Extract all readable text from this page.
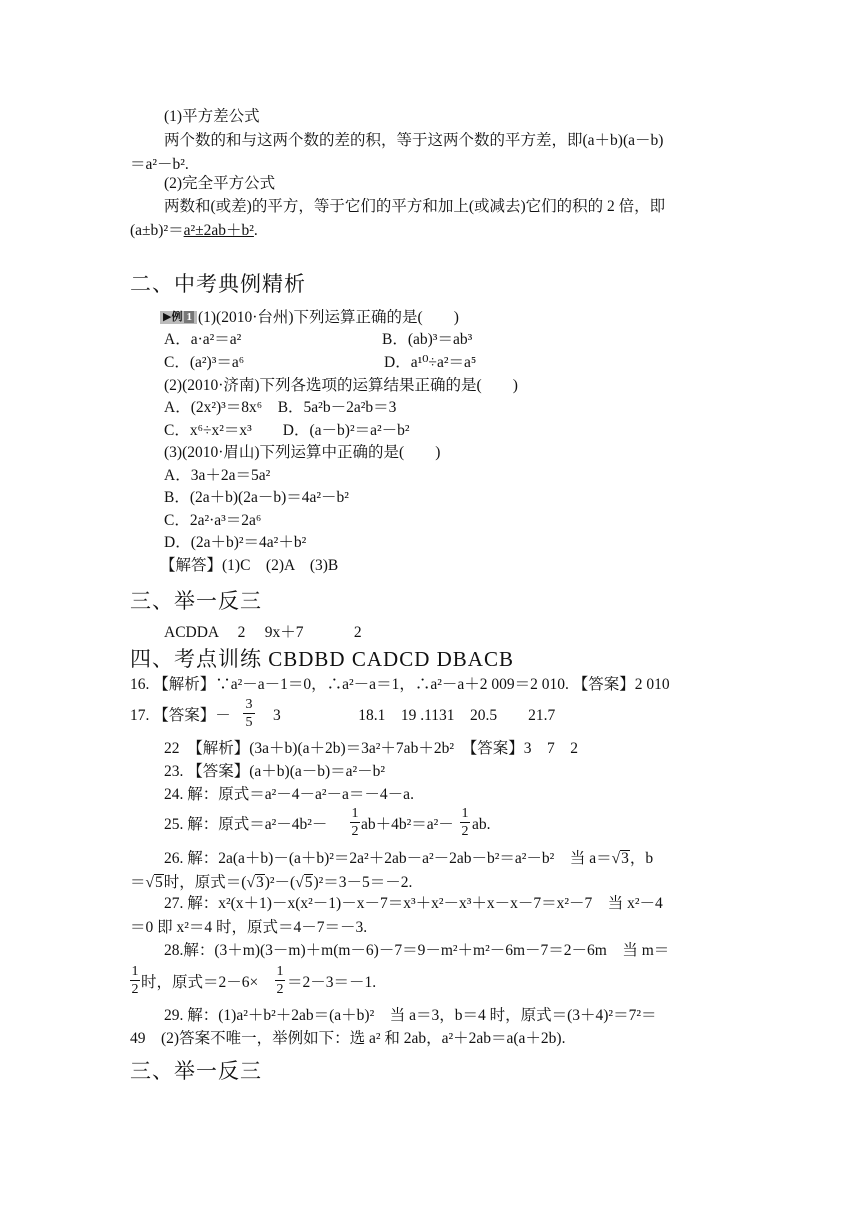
(1)平方差公式
两个数的和与这两个数的差的积，等于这两个数的平方差，即(a＋b)(a－b)
＝a²－b².
(2)完全平方公式
两数和(或差)的平方，等于它们的平方和加上(或减去)它们的积的 2 倍，即
(a±b)²＝a²±2ab＋b².
二、中考典例精析
▶例 1 (1)(2010·台州)下列运算正确的是(　　)
A．a·a²＝a²	B．(ab)³＝ab³
C．(a²)³＝a⁶	D．a¹⁰÷a²＝a⁵
(2)(2010·济南)下列各选项的运算结果正确的是(　　)
A．(2x²)³＝8x⁶　B．5a²b－2a²b＝3
C．x⁶÷x²＝x³　　D．(a－b)²＝a²－b²
(3)(2010·眉山)下列运算中正确的是(　　)
A．3a＋2a＝5a²
B．(2a＋b)(2a－b)＝4a²－b²
C．2a²·a³＝2a⁶
D．(2a＋b)²＝4a²＋b²
【解答】(1)C　(2)A　(3)B
三、举一反三
ACDDA　 2　 9x＋7　　　 2
四、考点训练 CBDBD CADCD DBACB
16. 【解析】∵a²－a－1＝0，∴a²－a＝1，∴a²－a＋2 009＝2 010. 【答案】2 010
17. 【答案】－
3
5 3　　　　　18.1　19 .1131　20.5　　21.7
22　【解析】(3a＋b)(a＋2b)＝3a²＋7ab＋2b²　【答案】3　7　2
23. 【答案】(a＋b)(a－b)＝a²－b²
24. 解：原式＝a²－4－a²－a＝－4－a.
25. 解：原式＝a²－4b²－
1
2 ab＋4b²＝a²－
1
2 ab.
26. 解：2a(a＋b)－(a＋b)²＝2a²＋2ab－a²－2ab－b²＝a²－b²　当 a＝√3，b
＝√5时，原式＝(√3)²－(√5)²＝3－5＝－2.
27. 解：x²(x＋1)－x(x²－1)－x－7＝x³＋x²－x³＋x－x－7＝x²－7　当 x²－4
＝0 即 x²＝4 时，原式＝4－7＝－3.
28.解：(3＋m)(3－m)＋m(m－6)－7＝9－m²＋m²－6m－7＝2－6m　当 m＝
1
2 时，原式＝2－6×
1
2 ＝2－3＝－1.
29. 解：(1)a²＋b²＋2ab＝(a＋b)²　当 a＝3，b＝4 时，原式＝(3＋4)²＝7²＝
49　(2)答案不唯一，举例如下：选 a² 和 2ab，a²＋2ab＝a(a＋2b).
三、举一反三
